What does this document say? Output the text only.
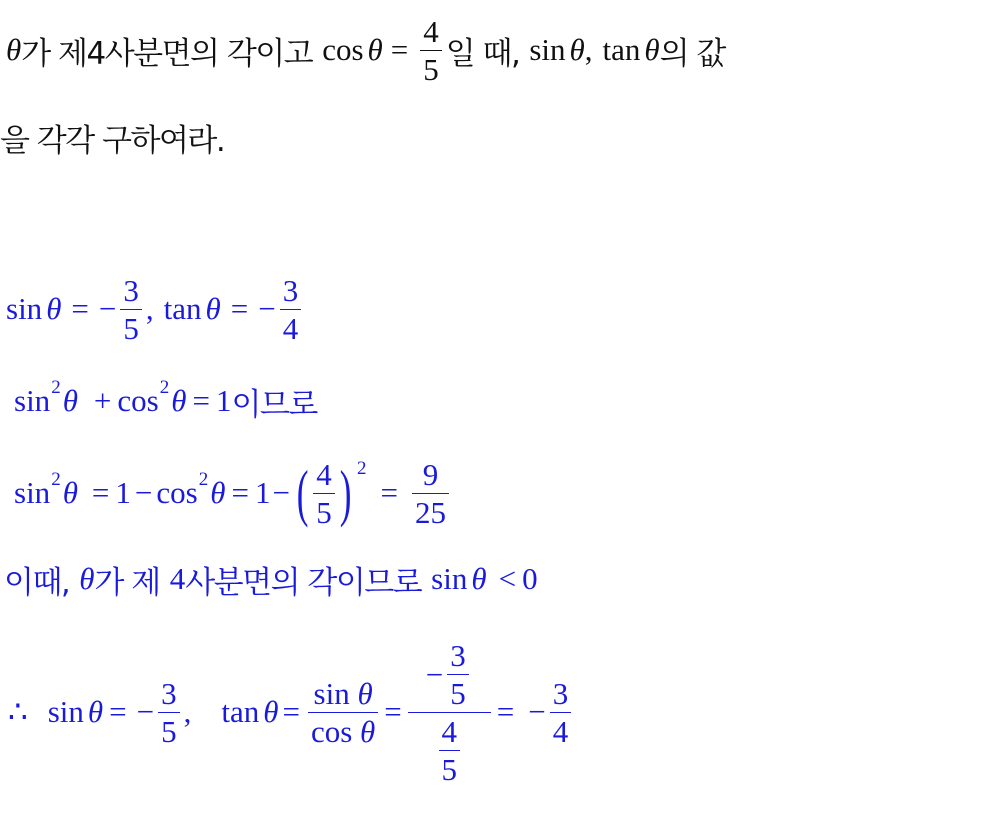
θ 가 제4사분면의 각이고 $\cos \theta = \frac{4}{5}$ 일 때, sin θ , tan θ 의 값
을 각각 구하여라.
sin θ = − $\frac{3}{5}$ , tan θ = − $\frac{3}{4}$
sin 2 θ + cos 2 θ = 1 이므로
sin 2 θ = 1 − cos 2 θ = 1 − ( $\frac{4}{5}$ ) 2
= $\frac{9}{25}$
이때, θ 가 제 4 사분면의 각이므로 sin θ < 0
∴ sin θ = − $\frac{3}{5}$ , $\tan \theta = \frac{\text{sin θ}}{\text{cos θ}} = \frac{- \frac{3}{5}}{\frac{4}{5}}$ = − $\frac{3}{4}$
